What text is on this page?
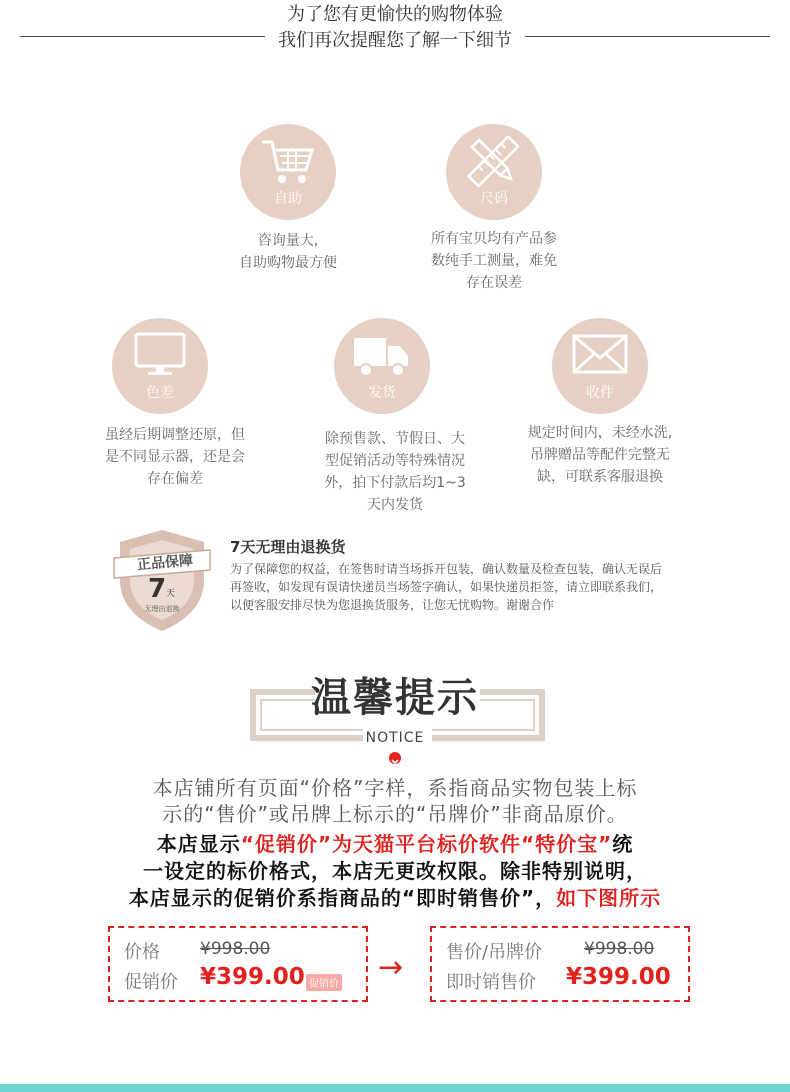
为了您有更愉快的购物体验
我们再次提醒您了解一下细节
自助
咨询量大,
自助购物最方便
尺码
所有宝贝均有产品参
数纯手工测量，难免
存在误差
色差
虽经后期调整还原，但
是不同显示器，还是会
存在偏差
发货
除预售款、节假日、大
型促销活动等特殊情况
外，拍下付款后均1~3
天内发货
收件
规定时间内，未经水洗,
吊牌赠品等配件完整无
缺，可联系客服退换
正品保障
7 天
无理由退换
7天无理由退换货
为了保障您的权益，在签售时请当场拆开包装，确认数量及检查包装，确认无误后
再签收，如发现有误请快递员当场签字确认，如果快递员拒签，请立即联系我们，
以便客服安排尽快为您退换货服务，让您无忧购物。谢谢合作
温馨提示
NOTICE
本店铺所有页面“价格”字样，系指商品实物包装上标
示的“售价”或吊牌上标示的“吊牌价”非商品原价。
本店显示“促销价”为天猫平台标价软件“特价宝”统
一设定的标价格式，本店无更改权限。除非特别说明，
本店显示的促销价系指商品的“即时销售价”，如下图所示
价格 ¥998.00
促销价 ¥399.00 促销价 → 售价/吊牌价 ¥998.00
即时销售价 ¥399.00
